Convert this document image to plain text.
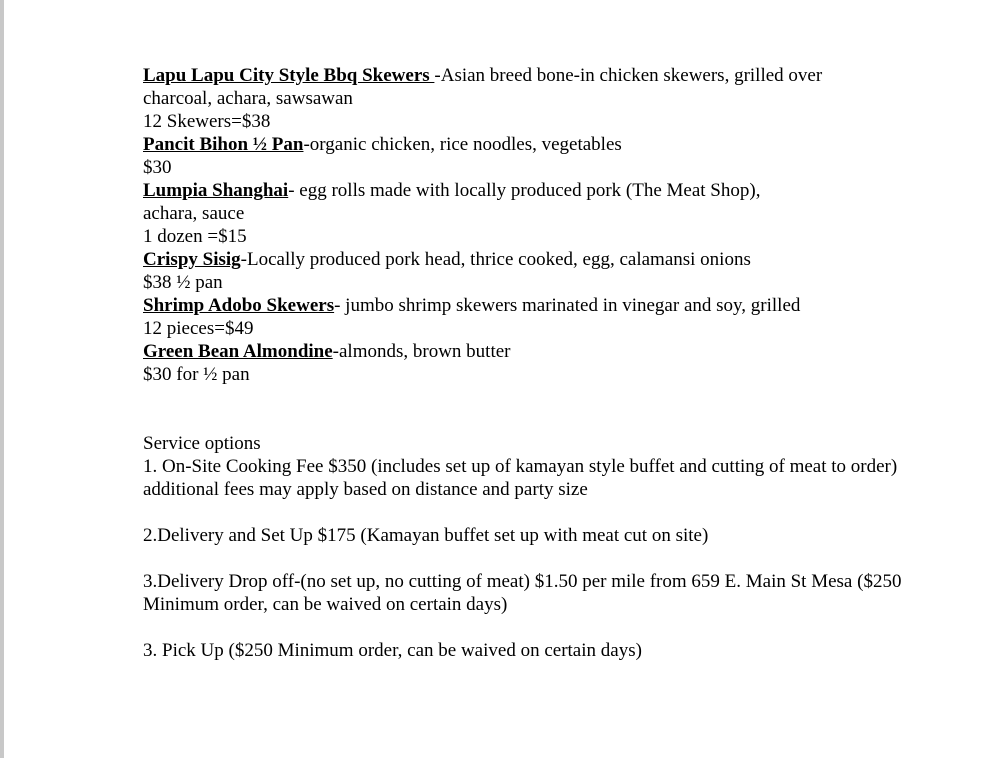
Lapu Lapu City Style Bbq Skewers -Asian breed bone-in chicken skewers, grilled over

charcoal, achara, sawsawan

12 Skewers=$38

Pancit Bihon ½ Pan-organic chicken, rice noodles, vegetables

$30

Lumpia Shanghai- egg rolls made with locally produced pork (The Meat Shop),

achara, sauce

1 dozen =$15

Crispy Sisig-Locally produced pork head, thrice cooked, egg, calamansi onions

$38 ½ pan

Shrimp Adobo Skewers- jumbo shrimp skewers marinated in vinegar and soy, grilled

12 pieces=$49

Green Bean Almondine-almonds, brown butter

$30 for ½ pan

Service options

1. On-Site Cooking Fee $350 (includes set up of kamayan style buffet and cutting of meat to order) additional fees may apply based on distance and party size

2.Delivery and Set Up $175 (Kamayan buffet set up with meat cut on site)

3.Delivery Drop off-(no set up, no cutting of meat) $1.50 per mile from 659 E. Main St Mesa ($250 Minimum order, can be waived on certain days)

3. Pick Up ($250 Minimum order, can be waived on certain days)
